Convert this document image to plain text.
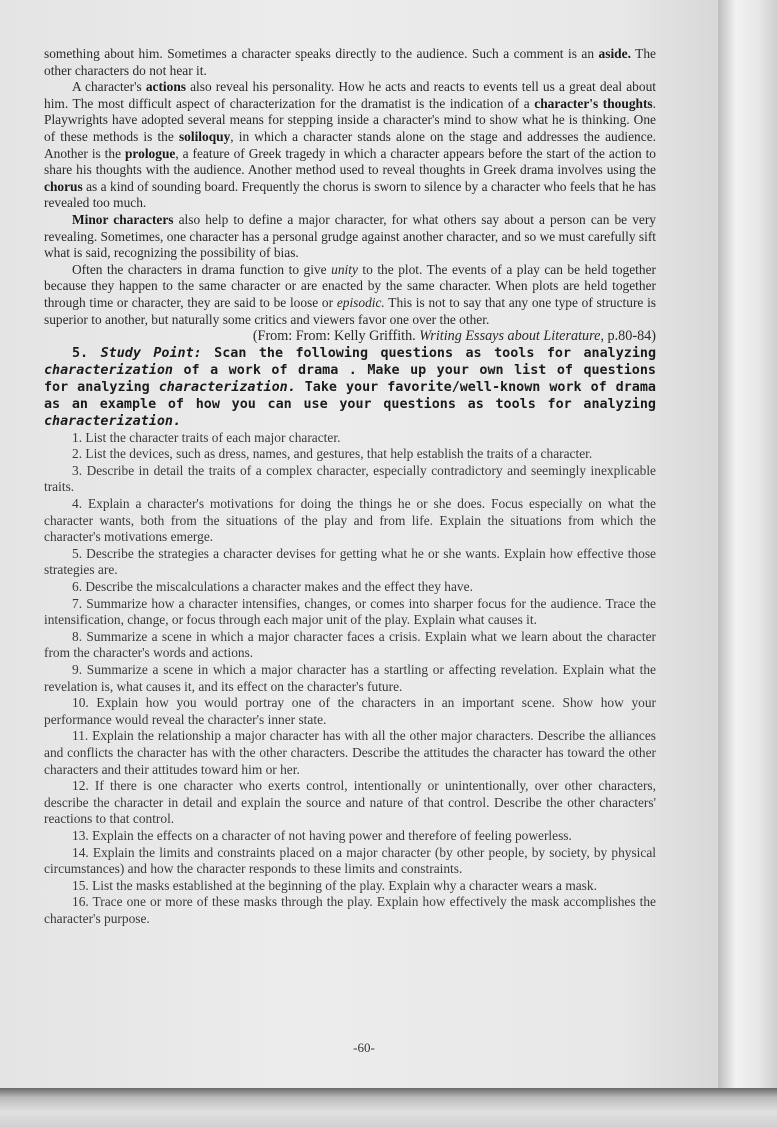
something about him. Sometimes a character speaks directly to the audience. Such a comment is an aside. The other characters do not hear it.

A character's actions also reveal his personality. How he acts and reacts to events tell us a great deal about him. The most difficult aspect of characterization for the dramatist is the indication of a character's thoughts. Playwrights have adopted several means for stepping inside a character's mind to show what he is thinking. One of these methods is the soliloquy, in which a character stands alone on the stage and addresses the audience. Another is the prologue, a feature of Greek tragedy in which a character appears before the start of the action to share his thoughts with the audience. Another method used to reveal thoughts in Greek drama involves using the chorus as a kind of sounding board. Frequently the chorus is sworn to silence by a character who feels that he has revealed too much.

Minor characters also help to define a major character, for what others say about a person can be very revealing. Sometimes, one character has a personal grudge against another character, and so we must carefully sift what is said, recognizing the possibility of bias.

Often the characters in drama function to give unity to the plot. The events of a play can be held together because they happen to the same character or are enacted by the same character. When plots are held together through time or character, they are said to be loose or episodic. This is not to say that any one type of structure is superior to another, but naturally some critics and viewers favor one over the other.

(From: From: Kelly Griffith. Writing Essays about Literature, p.80-84)

5. Study Point: Scan the following questions as tools for analyzing characterization of a work of drama . Make up your own list of questions for analyzing characterization. Take your favorite/well-known work of drama as an example of how you can use your questions as tools for analyzing characterization.

1. List the character traits of each major character.

2. List the devices, such as dress, names, and gestures, that help establish the traits of a character.

3. Describe in detail the traits of a complex character, especially contradictory and seemingly inexplicable traits.

4. Explain a character's motivations for doing the things he or she does. Focus especially on what the character wants, both from the situations of the play and from life. Explain the situations from which the character's motivations emerge.

5. Describe the strategies a character devises for getting what he or she wants. Explain how effective those strategies are.

6. Describe the miscalculations a character makes and the effect they have.

7. Summarize how a character intensifies, changes, or comes into sharper focus for the audience. Trace the intensification, change, or focus through each major unit of the play. Explain what causes it.

8. Summarize a scene in which a major character faces a crisis. Explain what we learn about the character from the character's words and actions.

9. Summarize a scene in which a major character has a startling or affecting revelation. Explain what the revelation is, what causes it, and its effect on the character's future.

10. Explain how you would portray one of the characters in an important scene. Show how your performance would reveal the character's inner state.

11. Explain the relationship a major character has with all the other major characters. Describe the alliances and conflicts the character has with the other characters. Describe the attitudes the character has toward the other characters and their attitudes toward him or her.

12. If there is one character who exerts control, intentionally or unintentionally, over other characters, describe the character in detail and explain the source and nature of that control. Describe the other characters' reactions to that control.

13. Explain the effects on a character of not having power and therefore of feeling powerless.

14. Explain the limits and constraints placed on a major character (by other people, by society, by physical circumstances) and how the character responds to these limits and constraints.

15. List the masks established at the beginning of the play. Explain why a character wears a mask.

16. Trace one or more of these masks through the play. Explain how effectively the mask accomplishes the character's purpose.

-60-
